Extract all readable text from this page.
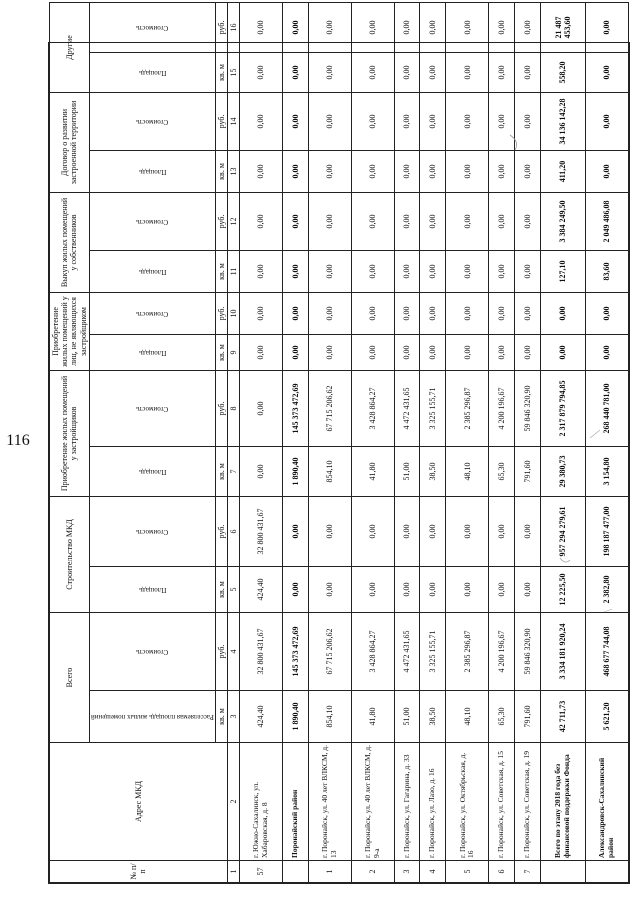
116
№ п/п	Адрес МКД	Всего		Строительство МКД		Приобретение жилых помещений у застройщиков		Приобретение жилых помещений у лиц, не являющихся застройщиком		Выкуп жилых помещений у собственников		Договор о развитии застроенной территории		Другие	

		Расселяемая площадь жилых помещений	Стоимость	Площадь	Стоимость	Площадь	Стоимость	Площадь	Стоимость	Площадь	Стоимость	Площадь	Стоимость	Площадь	Стоимость

		кв. м	руб.	кв. м	руб.	кв. м	руб.	кв. м	руб.	кв. м	руб.	кв. м	руб.	кв. м	руб.
1	2	3	4	5	6	7	8	9	10	11	12	13	14	15	16
57	г. Южно-Сахалинск, ул. Хабаровская, д. 8	424,40	32 800 431,67	424,40	32 800 431,67	0,00	0,00	0,00	0,00	0,00	0,00	0,00	0,00	0,00	0,00
	Поронайский район	1 890,40	145 373 472,69	0,00	0,00	1 890,40	145 373 472,69	0,00	0,00	0,00	0,00	0,00	0,00	0,00	0,00
1	г. Поронайск, ул. 40 лет ВЛКСМ, д. 13	854,10	67 715 206,62	0,00	0,00	854,10	67 715 206,62	0,00	0,00	0,00	0,00	0,00	0,00	0,00	0,00
2	г. Поронайск, ул. 40 лет ВЛКСМ, д. 9-а	41,80	3 428 864,27	0,00	0,00	41,80	3 428 864,27	0,00	0,00	0,00	0,00	0,00	0,00	0,00	0,00
3	г. Поронайск, ул. Гагарина, д. 33	51,00	4 472 431,65	0,00	0,00	51,00	4 472 431,65	0,00	0,00	0,00	0,00	0,00	0,00	0,00	0,00
4	г. Поронайск, ул. Лазо, д. 16	38,50	3 325 155,71	0,00	0,00	38,50	3 325 155,71	0,00	0,00	0,00	0,00	0,00	0,00	0,00	0,00
5	г. Поронайск, ул. Октябрьская, д. 16	48,10	2 385 296,87	0,00	0,00	48,10	2 385 296,87	0,00	0,00	0,00	0,00	0,00	0,00	0,00	0,00
6	г. Поронайск, ул. Советская, д. 15	65,30	4 200 196,67	0,00	0,00	65,30	4 200 196,67	0,00	0,00	0,00	0,00	0,00	0,00	0,00	0,00
7	г. Поронайск, ул. Советская, д. 19	791,60	59 846 320,90	0,00	0,00	791,60	59 846 320,90	0,00	0,00	0,00	0,00	0,00	0,00	0,00	0,00
	Всего по этапу 2018 года без финансовой поддержки Фонда	42 711,73	3 334 181 920,24	12 225,50	957 294 279,61	29 380,73	2 317 879 794,85	0,00	0,00	127,10	3 384 249,50	411,20	34 136 142,28	558,20	21 487 453,60
	Александровск-Сахалинский район	5 621,20	468 677 744,08	2 382,80	198 187 477,00	3 154,80	268 440 781,00	0,00	0,00	83,60	2 049 486,08	0,00	0,00	0,00	0,00
